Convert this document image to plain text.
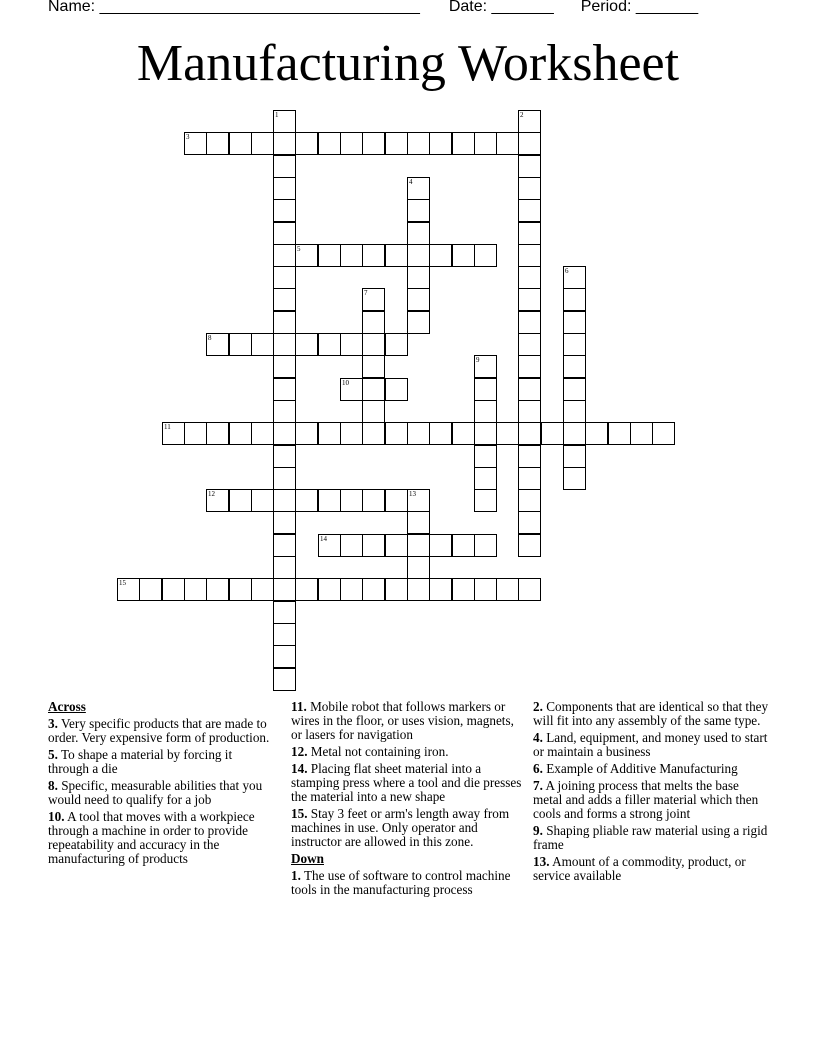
Name: ____________________________________ Date: _______ Period: _______
Manufacturing Worksheet
3
5
8
10
11
12	13
14
15
1	2
4
6
7
9
Across
3. Very specific products that are made to order. Very expensive form of production.
5. To shape a material by forcing it through a die
8. Specific, measurable abilities that you would need to qualify for a job
10. A tool that moves with a workpiece through a machine in order to provide repeatability and accuracy in the manufacturing of products
11. Mobile robot that follows markers or wires in the floor, or uses vision, magnets, or lasers for navigation
12. Metal not containing iron.
14. Placing flat sheet material into a stamping press where a tool and die presses the material into a new shape
15. Stay 3 feet or arm's length away from machines in use. Only operator and instructor are allowed in this zone.
Down
1. The use of software to control machine tools in the manufacturing process
2. Components that are identical so that they will fit into any assembly of the same type.
4. Land, equipment, and money used to start or maintain a business
6. Example of Additive Manufacturing
7. A joining process that melts the base metal and adds a filler material which then cools and forms a strong joint
9. Shaping pliable raw material using a rigid frame
13. Amount of a commodity, product, or service available
